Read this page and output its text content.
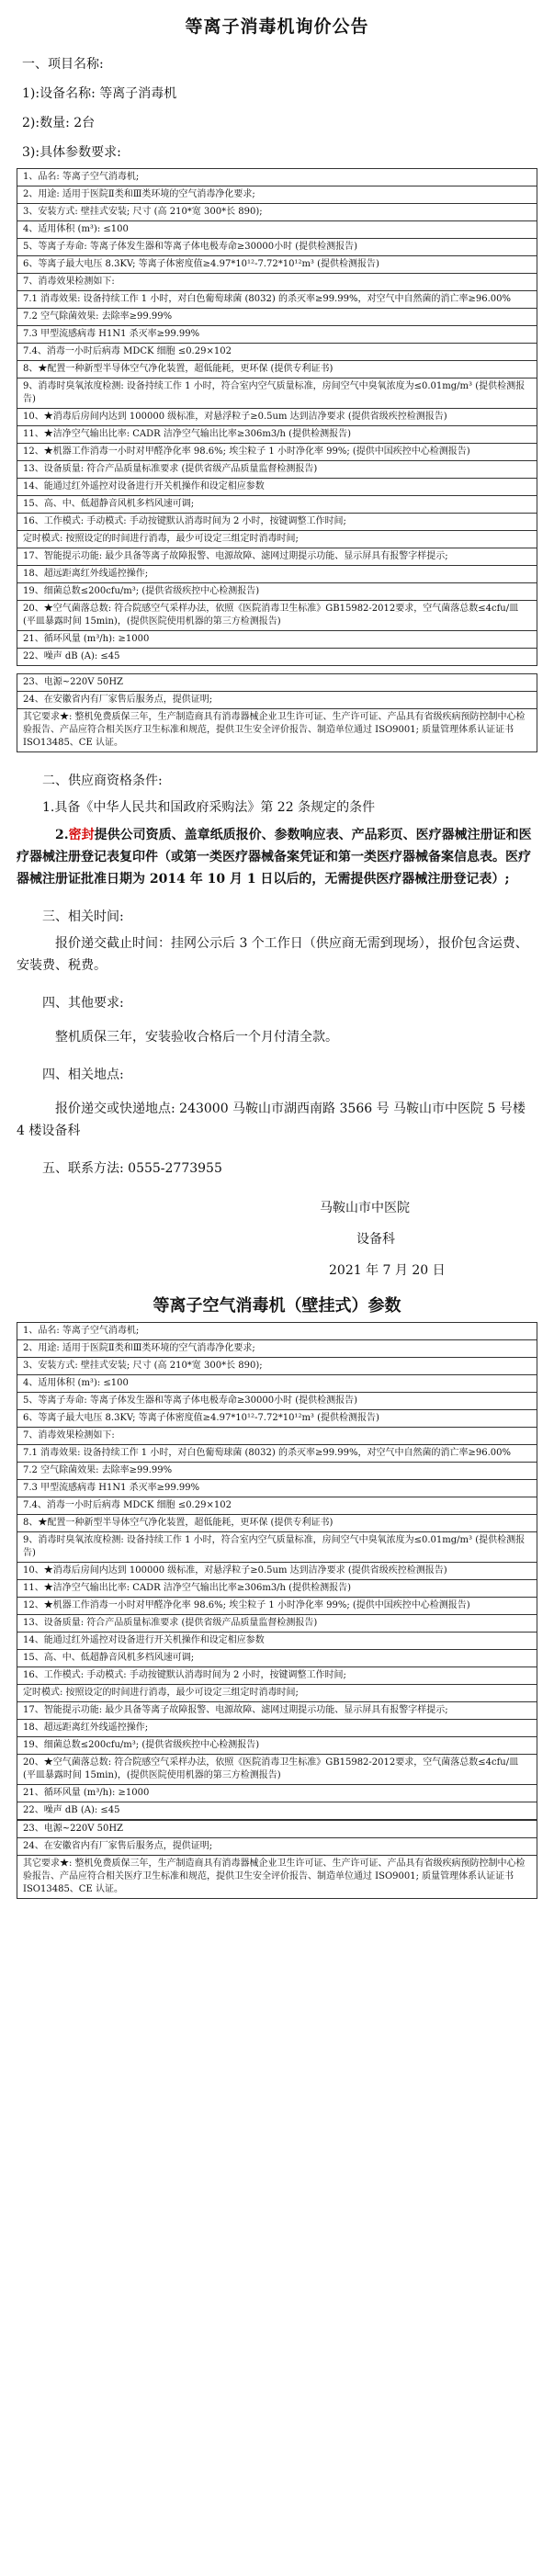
等离子消毒机询价公告

一、项目名称:

1):设备名称: 等离子消毒机

2):数量: 2台

3):具体参数要求:

1、品名: 等离子空气消毒机;
2、用途: 适用于医院Ⅱ类和Ⅲ类环境的空气消毒净化要求;
3、安装方式: 壁挂式安装; 尺寸 (高 210*宽 300*长 890);
4、适用体积 (m³): ≤100
5、等离子寿命: 等离子体发生器和等离子体电极寿命≥30000小时 (提供检测报告)
6、等离子最大电压 8.3KV; 等离子体密度值≥4.97*10¹²-7.72*10¹²m³ (提供检测报告)
7、消毒效果检测如下:
7.1 消毒效果: 设备持续工作 1 小时，对白色葡萄球菌 (8032) 的杀灭率≥99.99%，对空气中自然菌的消亡率≥96.00%
7.2 空气除菌效果: 去除率≥99.99%
7.3 甲型流感病毒 H1N1 杀灭率≥99.99%
7.4、消毒一小时后病毒 MDCK 细胞 ≤0.29×102
8、★配置一种新型半导体空气净化装置，超低能耗，更环保 (提供专利证书)
9、消毒时臭氧浓度检测: 设备持续工作 1 小时，符合室内空气质量标准，房间空气中臭氧浓度为≤0.01mg/m³ (提供检测报告)
10、★消毒后房间内达到 100000 级标准，对悬浮粒子≥0.5um 达到洁净要求 (提供省级疾控检测报告)
11、★洁净空气输出比率: CADR 洁净空气输出比率≥306m3/h (提供检测报告)
12、★机器工作消毒一小时对甲醛净化率 98.6%; 埃尘粒子 1 小时净化率 99%; (提供中国疾控中心检测报告)
13、设备质量: 符合产品质量标准要求 (提供省级产品质量监督检测报告)
14、能通过红外遥控对设备进行开关机操作和设定相应参数
15、高、中、低超静音风机多档风速可调;
16、工作模式: 手动模式: 手动按键默认消毒时间为 2 小时，按键调整工作时间;
定时模式: 按照设定的时间进行消毒，最少可设定三组定时消毒时间;
17、智能提示功能: 最少具备等离子故障报警、电源故障、滤网过期提示功能、显示屏具有报警字样提示;
18、超远距离红外线遥控操作;
19、细菌总数≤200cfu/m³; (提供省级疾控中心检测报告)
20、★空气菌落总数: 符合院感空气采样办法，依照《医院消毒卫生标准》GB15982-2012要求，空气菌落总数≤4cfu/皿 (平皿暴露时间 15min)，(提供医院使用机器的第三方检测报告)
21、循环风量 (m³/h): ≥1000
22、噪声 dB (A): ≤45
23、电源~220V 50HZ
24、在安徽省内有厂家售后服务点，提供证明;
其它要求★: 整机免费质保三年，生产制造商具有消毒器械企业卫生许可证、生产许可证、产品具有省级疾病预防控制中心检验报告、产品应符合相关医疗卫生标准和规范，提供卫生安全评价报告、制造单位通过 ISO9001; 质量管理体系认证证书 ISO13485、CE 认证。

二、供应商资格条件:

1.具备《中华人民共和国政府采购法》第 22 条规定的条件

2.密封提供公司资质、盖章纸质报价、参数响应表、产品彩页、医疗器械注册证和医疗器械注册登记表复印件（或第一类医疗器械备案凭证和第一类医疗器械备案信息表。医疗器械注册证批准日期为 2014 年 10 月 1 日以后的，无需提供医疗器械注册登记表）;

三、相关时间:

报价递交截止时间：挂网公示后 3 个工作日（供应商无需到现场），报价包含运费、安装费、税费。

四、其他要求:

整机质保三年，安装验收合格后一个月付清全款。

四、相关地点:

报价递交或快递地点: 243000 马鞍山市湖西南路 3566 号 马鞍山市中医院 5 号楼 4 楼设备科

五、联系方法: 0555-2773955

马鞍山市中医院
设备科
2021 年 7 月 20 日
等离子空气消毒机（壁挂式）参数
1、品名: 等离子空气消毒机;
2、用途: 适用于医院Ⅱ类和Ⅲ类环境的空气消毒净化要求;
3、安装方式: 壁挂式安装; 尺寸 (高 210*宽 300*长 890);
4、适用体积 (m³): ≤100
5、等离子寿命: 等离子体发生器和等离子体电极寿命≥30000小时 (提供检测报告)
6、等离子最大电压 8.3KV; 等离子体密度值≥4.97*10¹²-7.72*10¹²m³ (提供检测报告)
7、消毒效果检测如下:
7.1 消毒效果: 设备持续工作 1 小时，对白色葡萄球菌 (8032) 的杀灭率≥99.99%，对空气中自然菌的消亡率≥96.00%
7.2 空气除菌效果: 去除率≥99.99%
7.3 甲型流感病毒 H1N1 杀灭率≥99.99%
7.4、消毒一小时后病毒 MDCK 细胞 ≤0.29×102
8、★配置一种新型半导体空气净化装置，超低能耗，更环保 (提供专利证书)
9、消毒时臭氧浓度检测: 设备持续工作 1 小时，符合室内空气质量标准，房间空气中臭氧浓度为≤0.01mg/m³ (提供检测报告)
10、★消毒后房间内达到 100000 级标准，对悬浮粒子≥0.5um 达到洁净要求 (提供省级疾控检测报告)
11、★洁净空气输出比率: CADR 洁净空气输出比率≥306m3/h (提供检测报告)
12、★机器工作消毒一小时对甲醛净化率 98.6%; 埃尘粒子 1 小时净化率 99%; (提供中国疾控中心检测报告)
13、设备质量: 符合产品质量标准要求 (提供省级产品质量监督检测报告)
14、能通过红外遥控对设备进行开关机操作和设定相应参数
15、高、中、低超静音风机多档风速可调;
16、工作模式: 手动模式: 手动按键默认消毒时间为 2 小时，按键调整工作时间;
定时模式: 按照设定的时间进行消毒，最少可设定三组定时消毒时间;
17、智能提示功能: 最少具备等离子故障报警、电源故障、滤网过期提示功能、显示屏具有报警字样提示;
18、超远距离红外线遥控操作;
19、细菌总数≤200cfu/m³; (提供省级疾控中心检测报告)
20、★空气菌落总数: 符合院感空气采样办法，依照《医院消毒卫生标准》GB15982-2012要求，空气菌落总数≤4cfu/皿 (平皿暴露时间 15min)，(提供医院使用机器的第三方检测报告)
21、循环风量 (m³/h): ≥1000
22、噪声 dB (A): ≤45
23、电源~220V 50HZ
24、在安徽省内有厂家售后服务点，提供证明;
其它要求★: 整机免费质保三年，生产制造商具有消毒器械企业卫生许可证、生产许可证、产品具有省级疾病预防控制中心检验报告、产品应符合相关医疗卫生标准和规范，提供卫生安全评价报告、制造单位通过 ISO9001; 质量管理体系认证证书 ISO13485、CE 认证。
